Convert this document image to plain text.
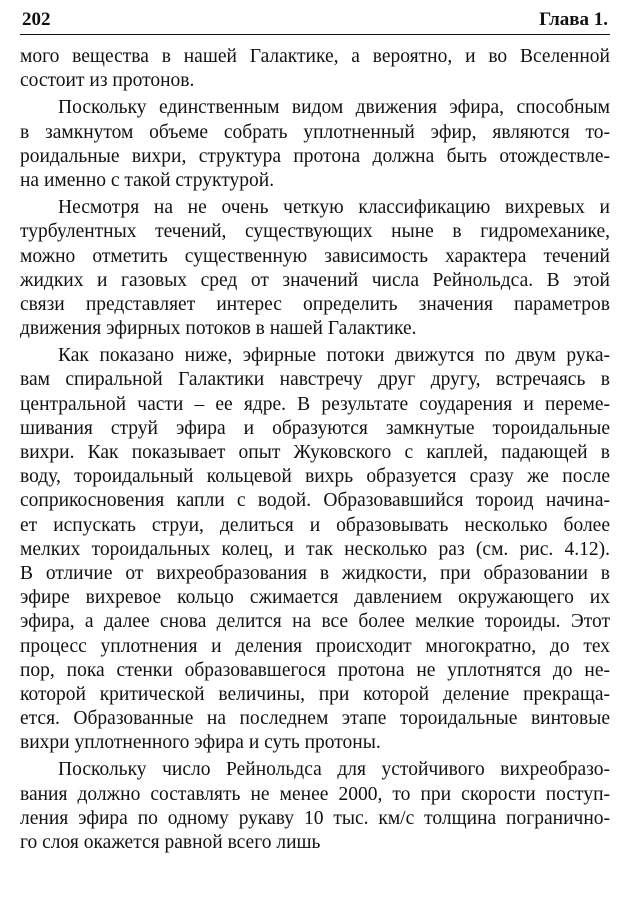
202	Глава 1.
мого вещества в нашей Галактике, а вероятно, и во Вселенной
состоит из протонов.
Поскольку единственным видом движения эфира, способным
в замкнутом объеме собрать уплотненный эфир, являются то-
роидальные вихри, структура протона должна быть отождествле-
на именно с такой структурой.
Несмотря на не очень четкую классификацию вихревых и
турбулентных течений, существующих ныне в гидромеханике,
можно отметить существенную зависимость характера течений
жидких и газовых сред от значений числа Рейнольдса. В этой
связи представляет интерес определить значения параметров
движения эфирных потоков в нашей Галактике.
Как показано ниже, эфирные потоки движутся по двум рука-
вам спиральной Галактики навстречу друг другу, встречаясь в
центральной части – ее ядре. В результате соударения и переме-
шивания струй эфира и образуются замкнутые тороидальные
вихри. Как показывает опыт Жуковского с каплей, падающей в
воду, тороидальный кольцевой вихрь образуется сразу же после
соприкосновения капли с водой. Образовавшийся тороид начина-
ет испускать струи, делиться и образовывать несколько более
мелких тороидальных колец, и так несколько раз (см. рис. 4.12).
В отличие от вихреобразования в жидкости, при образовании в
эфире вихревое кольцо сжимается давлением окружающего их
эфира, а далее снова делится на все более мелкие тороиды. Этот
процесс уплотнения и деления происходит многократно, до тех
пор, пока стенки образовавшегося протона не уплотнятся до не-
которой критической величины, при которой деление прекраща-
ется. Образованные на последнем этапе тороидальные винтовые
вихри уплотненного эфира и суть протоны.
Поскольку число Рейнольдса для устойчивого вихреобразо-
вания должно составлять не менее 2000, то при скорости поступ-
ления эфира по одному рукаву 10 тыс. км/с толщина погранично-
го слоя окажется равной всего лишь
